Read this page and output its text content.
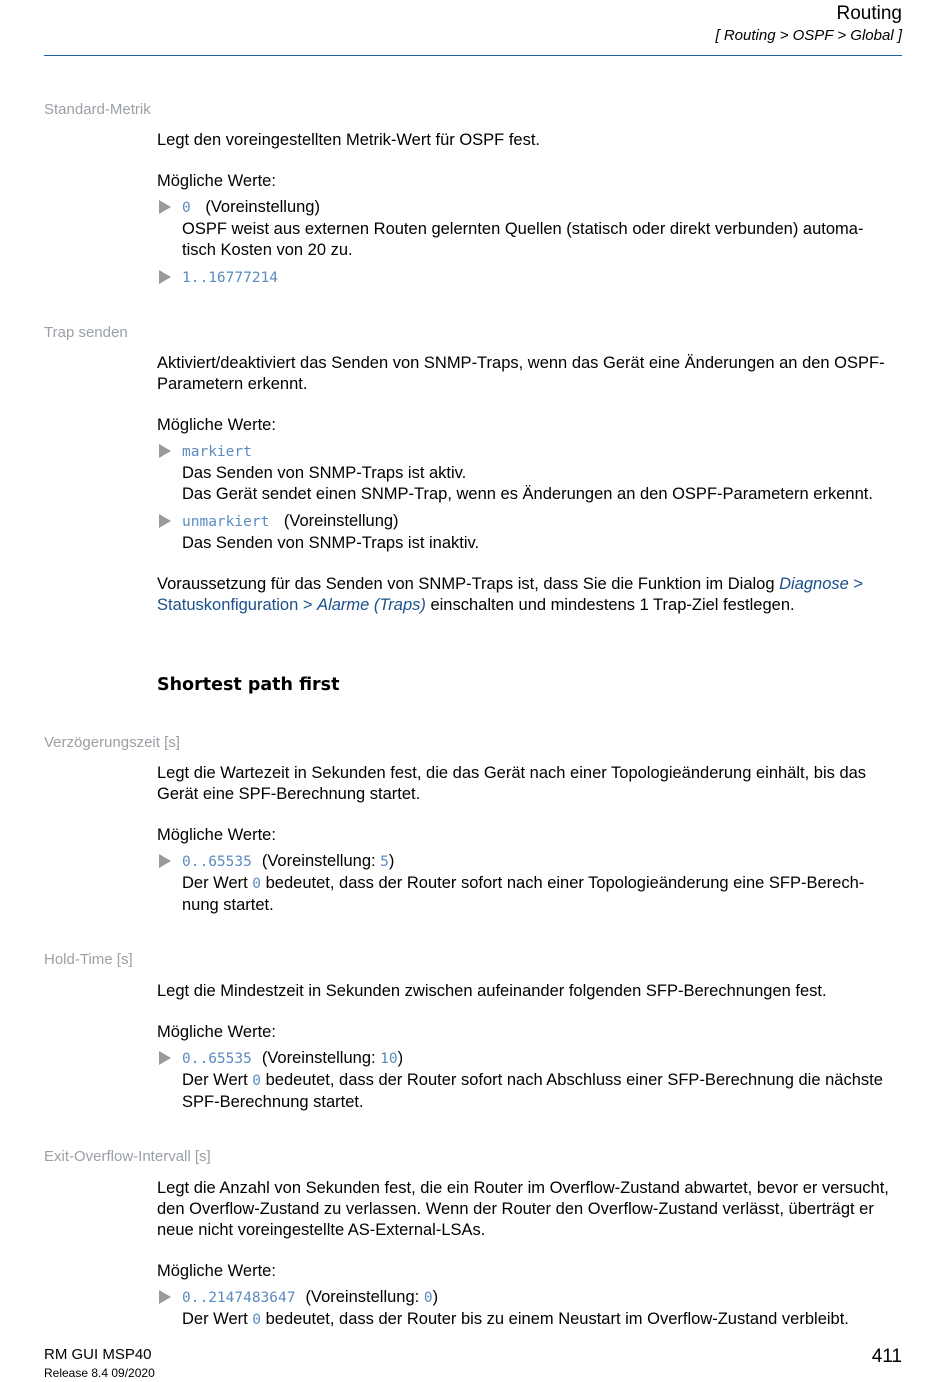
Routing
[ Routing > OSPF > Global ]
Standard-Metrik

Legt den voreingestellten Metrik-Wert für OSPF fest.

Mögliche Werte:

0 (Voreinstellung)
OSPF weist aus externen Routen gelernten Quellen (statisch oder direkt verbunden) automa-
tisch Kosten von 20 zu.
1..16777214
Trap senden

Aktiviert/deaktiviert das Senden von SNMP-Traps, wenn das Gerät eine Änderungen an den OSPF-Parametern erkennt.

Mögliche Werte:

markiert
Das Senden von SNMP-Traps ist aktiv.
Das Gerät sendet einen SNMP-Trap, wenn es Änderungen an den OSPF-Parametern erkennt.
unmarkiert (Voreinstellung)
Das Senden von SNMP-Traps ist inaktiv.

Voraussetzung für das Senden von SNMP-Traps ist, dass Sie die Funktion im Dialog Diagnose > Statuskonfiguration > Alarme (Traps) einschalten und mindestens 1 Trap-Ziel festlegen.

Shortest path first
Verzögerungszeit [s]

Legt die Wartezeit in Sekunden fest, die das Gerät nach einer Topologieänderung einhält, bis das Gerät eine SPF-Berechnung startet.

Mögliche Werte:

0..65535 (Voreinstellung: 5)
Der Wert 0 bedeutet, dass der Router sofort nach einer Topologieänderung eine SFP-Berech-
nung startet.
Hold-Time [s]

Legt die Mindestzeit in Sekunden zwischen aufeinander folgenden SFP-Berechnungen fest.

Mögliche Werte:

0..65535 (Voreinstellung: 10)
Der Wert 0 bedeutet, dass der Router sofort nach Abschluss einer SFP-Berechnung die nächste SPF-Berechnung startet.
Exit-Overflow-Intervall [s]

Legt die Anzahl von Sekunden fest, die ein Router im Overflow-Zustand abwartet, bevor er versucht, den Overflow-Zustand zu verlassen. Wenn der Router den Overflow-Zustand verlässt, überträgt er neue nicht voreingestellte AS-External-LSAs.

Mögliche Werte:

0..2147483647 (Voreinstellung: 0)
Der Wert 0 bedeutet, dass der Router bis zu einem Neustart im Overflow-Zustand verbleibt.
RM GUI MSP40
Release 8.4 09/2020
411
